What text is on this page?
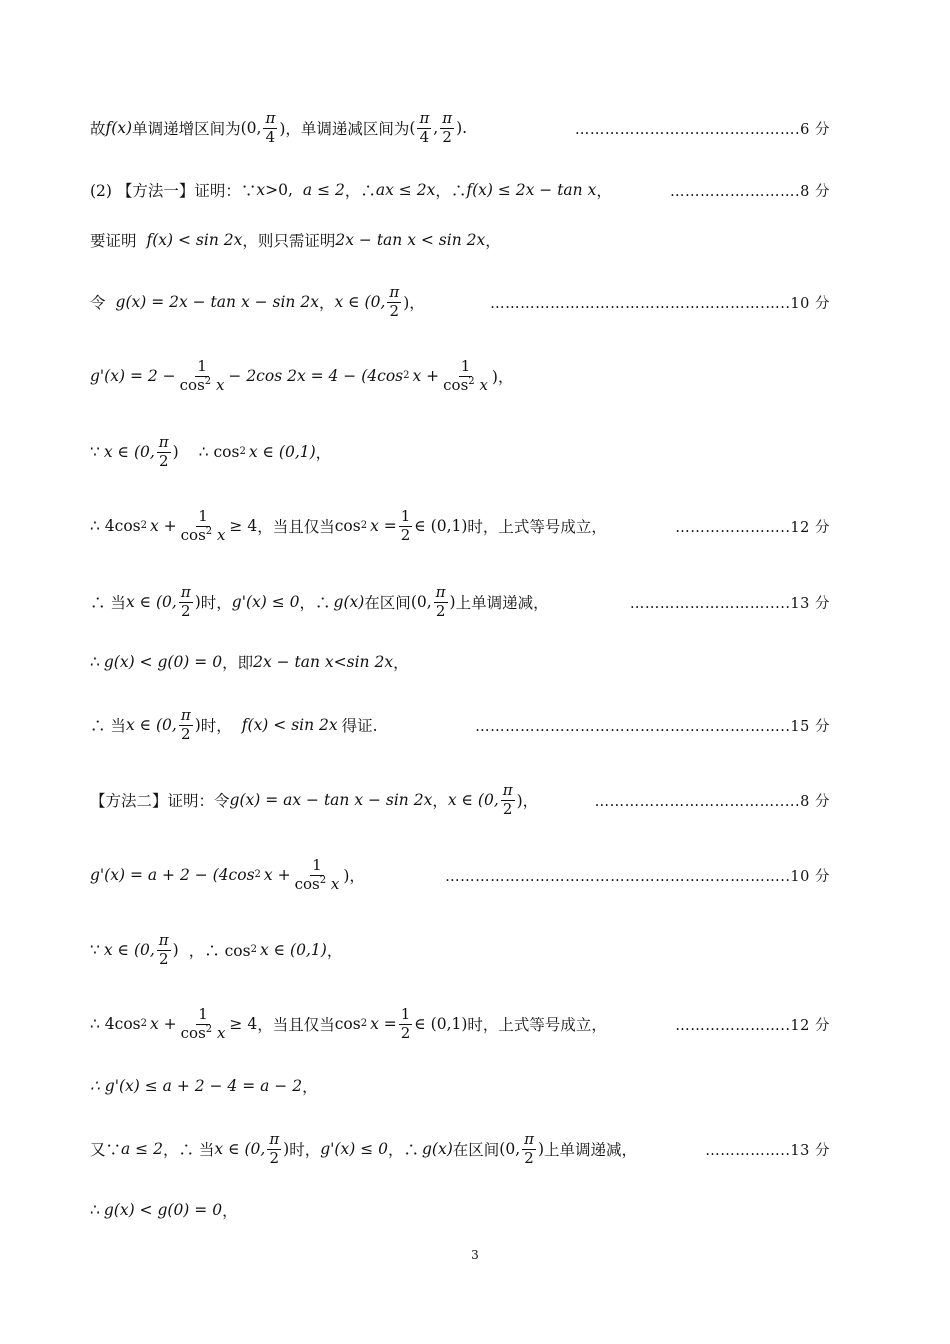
故 f(x) 单调递增区间为 (0, $\frac{\pi}{4}$ )，单调递减区间为 ( $\frac{\pi}{4}$ , $\frac{\pi}{2}$ ).	…………………….……….……….6 分
(2) 【方法一】证明：∵ x >0, a ≤ 2 ，∴ ax ≤ 2x ，∴ f(x) ≤ 2x − tan x ，	…………….……….8 分
要证明 f(x) < sin 2x ，则只需证明 2x − tan x < sin 2x ，
令 g(x) = 2x − tan x − sin 2x ， x ∈ (0, $\frac{\pi}{2}$ )，	……………………………………………….…..10 分
$g'(x) = 2 - \frac{1}{\cos^2 x} - 2\cos$ 2x = 4 − (4cos 2 $x + \frac{1}{\cos^2 x}$ )，
∵ x ∈ (0, $\frac{\pi}{2}$ ) ∴ cos 2 x ∈ (0,1) ，
∴ 4cos 2 $x + \frac{1}{\cos^2 x} \ge 4$ ，当且仅当 cos 2 $x = \frac{1}{2}$ ∈ (0,1) 时，上式等号成立，	…………………..12 分
∴ 当 x ∈ (0, $\frac{\pi}{2}$ ) 时， g'(x) ≤ 0 ，∴ g(x) 在区间 (0, $\frac{\pi}{2}$ ) 上单调递减，	……………………….....13 分
∴ g(x) < g(0) = 0 ，即 2x − tan x<sin 2x ，
∴ 当 x ∈ (0, $\frac{\pi}{2}$ ) 时， f(x) < sin 2x 得证.	……………………………………………….……..15 分
【方法二】证明：令 g(x) = ax − tan x − sin 2x ， x ∈ (0, $\frac{\pi}{2}$ )，	……………………………….....8 分
g'(x) = a + 2 − (4cos 2 $x + \frac{1}{\cos^2 x}$ )，	…………………………………………………….……..10 分
∵ x ∈ (0, $\frac{\pi}{2}$ ) ，∴ cos 2 x ∈ (0,1) ，
∴ 4cos 2 $x + \frac{1}{\cos^2 x} \ge 4$ ，当且仅当 cos 2 $x = \frac{1}{2}$ ∈ (0,1) 时，上式等号成立，	…………………..12 分
∴ g'(x) ≤ a + 2 − 4 = a − 2 ，
又∵ a ≤ 2 ，∴ 当 x ∈ (0, $\frac{\pi}{2}$ ) 时， g'(x) ≤ 0 ，∴ g(x) 在区间 (0, $\frac{\pi}{2}$ ) 上单调递减，	……………..13 分
∴ g(x) < g(0) = 0 ，
3
